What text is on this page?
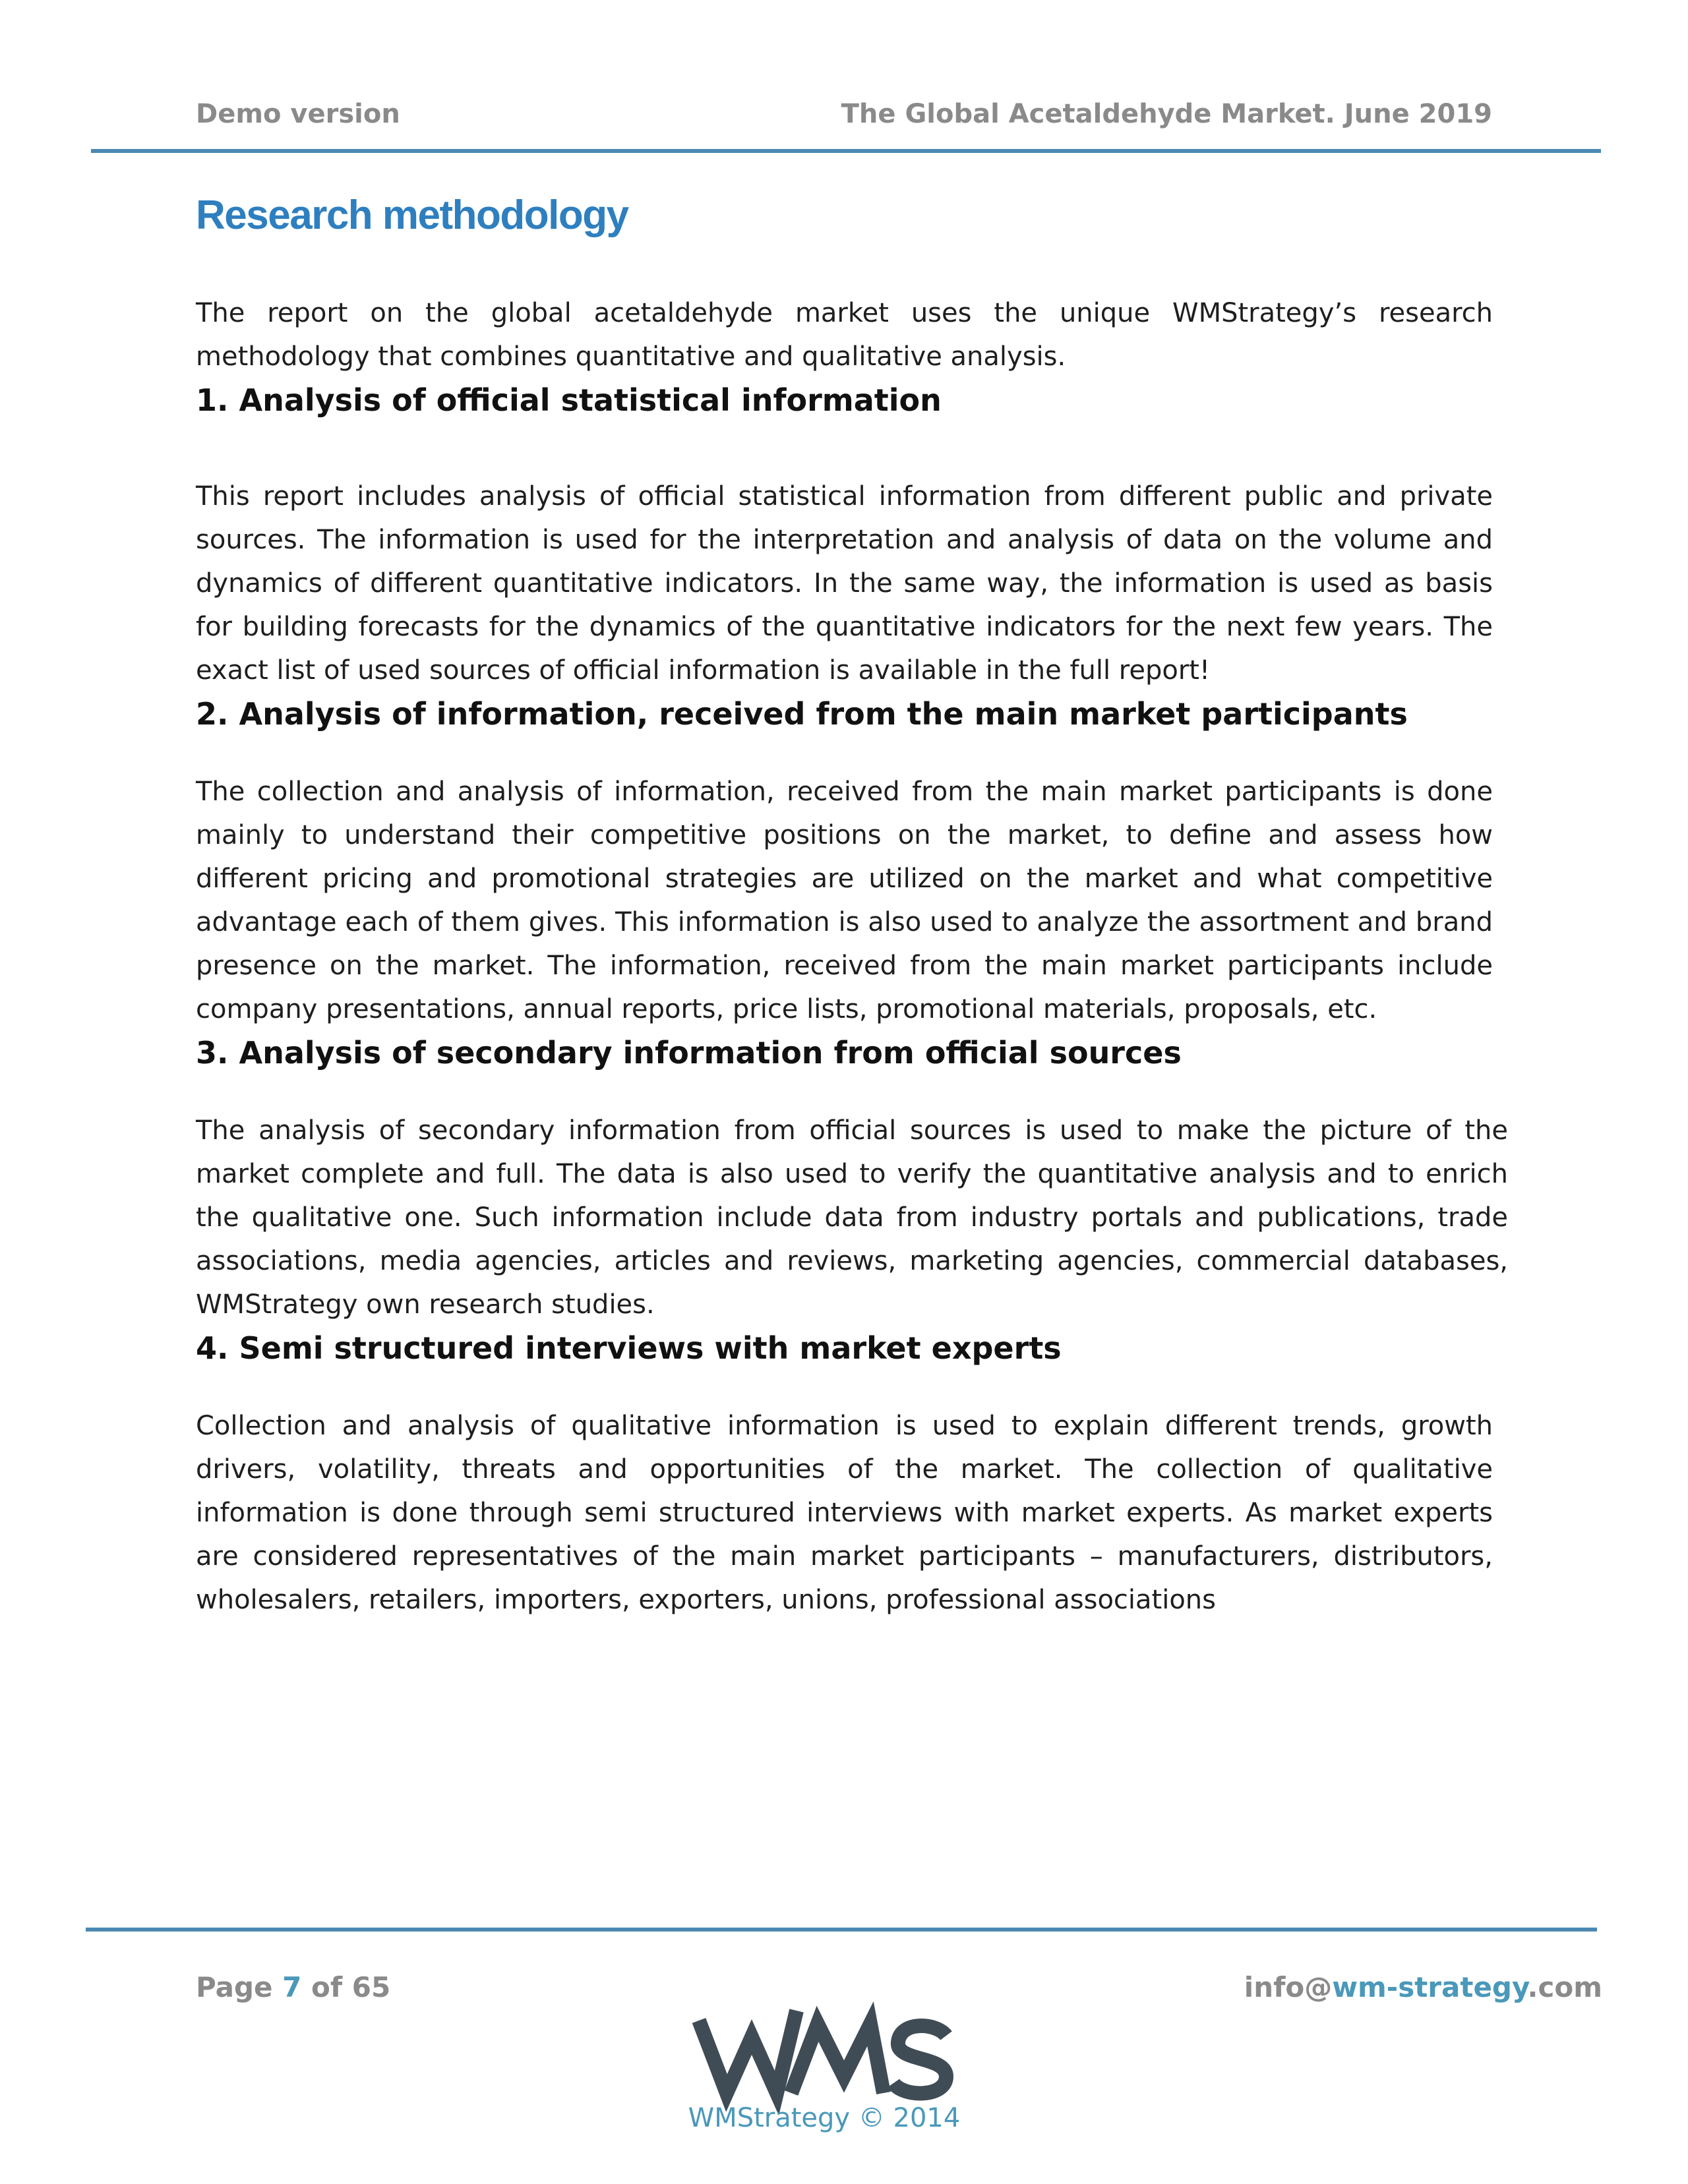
Demo version	The Global Acetaldehyde Market. June 2019
Research methodology

The report on the global acetaldehyde market uses the unique WMStrategy’s research methodology that combines quantitative and qualitative analysis.

1. Analysis of official statistical information

This report includes analysis of official statistical information from different public and private sources. The information is used for the interpretation and analysis of data on the volume and dynamics of different quantitative indicators. In the same way, the information is used as basis for building forecasts for the dynamics of the quantitative indicators for the next few years. The exact list of used sources of official information is available in the full report!

2. Analysis of information, received from the main market participants

The collection and analysis of information, received from the main market participants is done mainly to understand their competitive positions on the market, to define and assess how different pricing and promotional strategies are utilized on the market and what competitive advantage each of them gives. This information is also used to analyze the assortment and brand presence on the market. The information, received from the main market participants include company presentations, annual reports, price lists, promotional materials, proposals, etc.

3. Analysis of secondary information from official sources

The analysis of secondary information from official sources is used to make the picture of the market complete and full. The data is also used to verify the quantitative analysis and to enrich the qualitative one. Such information include data from industry portals and publications, trade associations, media agencies, articles and reviews, marketing agencies, commercial databases, WMStrategy own research studies.

4. Semi structured interviews with market experts

Collection and analysis of qualitative information is used to explain different trends, growth drivers, volatility, threats and opportunities of the market. The collection of qualitative information is done through semi structured interviews with market experts. As market experts are considered representatives of the main market participants – manufacturers, distributors, wholesalers, retailers, importers, exporters, unions, professional associations

Page 7 of 65	info@wm-strategy.com
WMStrategy © 2014
